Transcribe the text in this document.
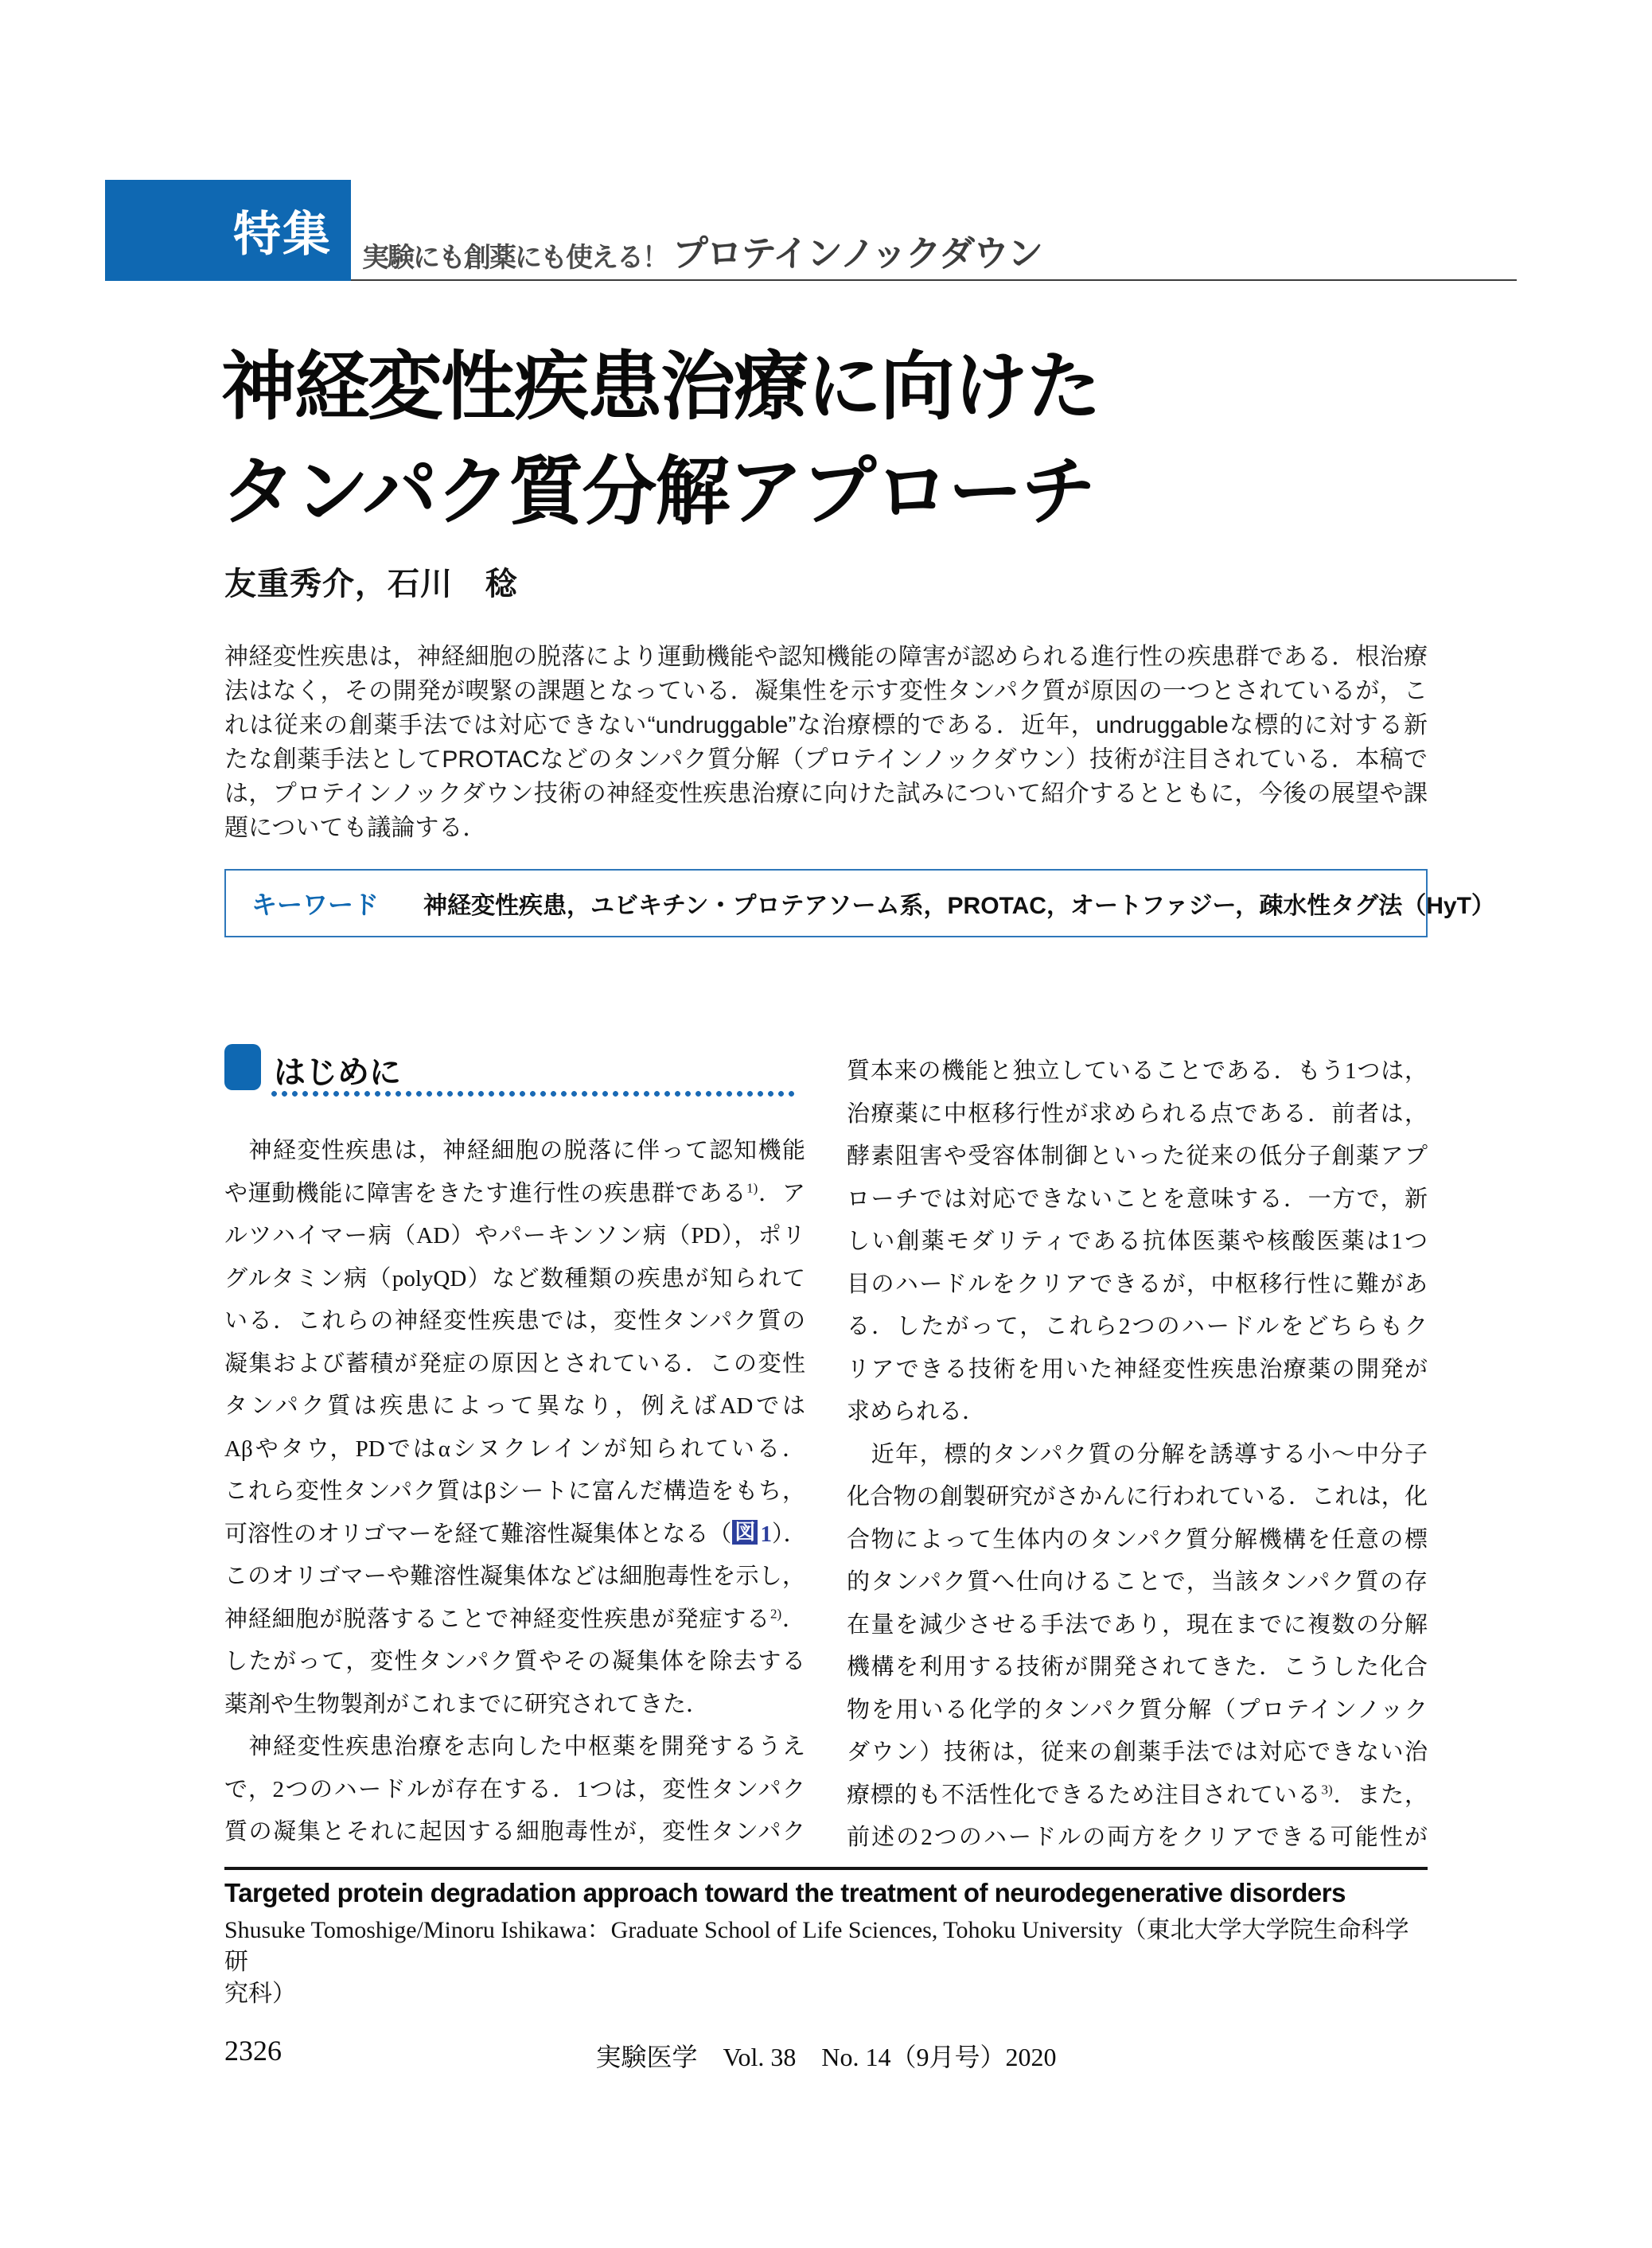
特集 実験にも創薬にも使える！ プロテインノックダウン
神経変性疾患治療に向けた
タンパク質分解アプローチ
友重秀介，石川　稔
神経変性疾患は，神経細胞の脱落により運動機能や認知機能の障害が認められる進行性の疾患群である．根治療
法はなく，その開発が喫緊の課題となっている．凝集性を示す変性タンパク質が原因の一つとされているが，こ
れは従来の創薬手法では対応できない“undruggable”な治療標的である．近年，undruggableな標的に対する新
たな創薬手法としてPROTACなどのタンパク質分解（プロテインノックダウン）技術が注目されている．本稿で
は，プロテインノックダウン技術の神経変性疾患治療に向けた試みについて紹介するとともに，今後の展望や課
題についても議論する．
キーワード 神経変性疾患，ユビキチン・プロテアソーム系，PROTAC，オートファジー，疎水性タグ法（HyT）
はじめに
　神経変性疾患は，神経細胞の脱落に伴って認知機能
や運動機能に障害をきたす進行性の疾患群である$^{1)}$．ア
ルツハイマー病（AD）やパーキンソン病（PD），ポリ
グルタミン病（polyQD）など数種類の疾患が知られて
いる．これらの神経変性疾患では，変性タンパク質の
凝集および蓄積が発症の原因とされている．この変性
タンパク質は疾患によって異なり，例えばADでは
Aβやタウ，PDではαシヌクレインが知られている．
これら変性タンパク質はβシートに富んだ構造をもち，
可溶性のオリゴマーを経て難溶性凝集体となる（ 図 1）．
このオリゴマーや難溶性凝集体などは細胞毒性を示し，
神経細胞が脱落することで神経変性疾患が発症する$^{2)}$．
したがって，変性タンパク質やその凝集体を除去する
薬剤や生物製剤がこれまでに研究されてきた．
　神経変性疾患治療を志向した中枢薬を開発するうえ
で，2つのハードルが存在する．1つは，変性タンパク
質の凝集とそれに起因する細胞毒性が，変性タンパク
質本来の機能と独立していることである．もう1つは，
治療薬に中枢移行性が求められる点である．前者は，
酵素阻害や受容体制御といった従来の低分子創薬アプ
ローチでは対応できないことを意味する．一方で，新
しい創薬モダリティである抗体医薬や核酸医薬は1つ
目のハードルをクリアできるが，中枢移行性に難があ
る．したがって，これら2つのハードルをどちらもク
リアできる技術を用いた神経変性疾患治療薬の開発が
求められる．
　近年，標的タンパク質の分解を誘導する小〜中分子
化合物の創製研究がさかんに行われている．これは，化
合物によって生体内のタンパク質分解機構を任意の標
的タンパク質へ仕向けることで，当該タンパク質の存
在量を減少させる手法であり，現在までに複数の分解
機構を利用する技術が開発されてきた．こうした化合
物を用いる化学的タンパク質分解（プロテインノック
ダウン）技術は，従来の創薬手法では対応できない治
療標的も不活性化できるため注目されている$^{3)}$．また，
前述の2つのハードルの両方をクリアできる可能性が
Targeted protein degradation approach toward the treatment of neurodegenerative disorders
Shusuke Tomoshige/Minoru Ishikawa：Graduate School of Life Sciences, Tohoku University（東北大学大学院生命科学研
究科）
2326	実験医学　Vol. 38　No. 14（9月号）2020
